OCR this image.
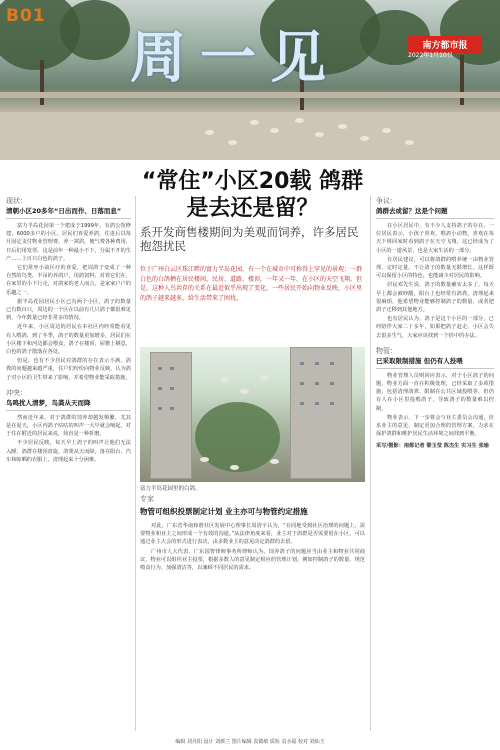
B01
周一见	南方都市报
2022年1月10日
现状：
清朝小区20多年“日出而作、日落而息”

富力半岛花园第一个建成于1999年，有鸽公馆修建，6000多户的小区。居民们喜爱养鸽，住进后以每月固定支付物业管理费，养一窝鸽，便气费各种费用，日后们用发票。这是前年一种最小不下，分属不开的生产……上百只白色的鸽子。

它们常坐小前区疗的喜爱，把周鸽子变成了一种自然的鸟类。半吊的养鸽户，用鸽饲料，对着它们在，在家里的小下行走，对鸽家的老人而言，是家家户户的乐趣之一。

据半岛花园居民小区已有两个小区，鸽子的数量已有数百只，周边的一个区在以前有几只鸽子都很难见到，今年数量已经非常多的情况。

近年来，小区周边的居民在本社区内经常能看见有人喂鸽，到了冬季，鸽子的数量更加增多，居民们在小区楼下和河边都会喂食，鸽子在楼顶、屋檐上栖息，白色的鸽子散落在各处。

但是，也有不少居民对鸽群的存在表示不满，鸽粪的问题越来越严重，住户们纷纷向物业反映，认为鸽子对小区的卫生带来了影响，并希望物业能采取措施。

冲突：
鸟鸣扰人清梦，鸟粪从天而降

然而近年来，对于鸽群的饲养却越发频繁，尤其是在夏天，小区内鸽子咕咕的叫声一大早就会响起，对于住在附近的居民来说，简直是一种折磨。

不少居民反映，每天早上鸽子的叫声让他们无法入睡，鸽群在楼顶盘旋，鸽粪从天而降，落在阳台、汽车和晾晒的衣服上，清理起来十分困难。

“常住”小区20载 鸽群是去还是留？
系开发商售楼期间为美观而饲养，许多居民抱怨扰民
位于广州白云区珠江畔的富力半岛花园，有一个在城市中可称得上罕见的景观：一群白色的白鸽栖在居民楼间，民居、道路、楼顶，一年又一年，在小区的天空飞翔。但是，这种人鸟共存的关系在最近似乎出现了变化，一些居民开始向物业反映，小区里的鸽子越来越多，给生活带来了困扰。
富力半岛花园里的白鸽。
专家
物管可组织投票制定计划 业主亦可与物管约定措施

对此，广东省华南和谐社区发展中心理事长周清宇认为，“在同地受到社区治理的问题上，需要物业和业主之间形成一个有效的沟通。”从法律角度来看，业主对于鸽群是否需要留在小区，可以通过业主大会的形式进行表决，由多数业主的意见决定鸽群的去留。

广州市人大代表、广东国智律师事务所律师认为，饲养鸽子的问题应当由业主和物业共同商议，物业可以组织业主投票，根据多数人的意见制定相应的管理计划，例如控制鸽子的数量、规范喂食行为、加强清洁等，以兼顾不同居民的需求。

争议：
鸽群去或留？这是个问题

在小区居民中，有不少人支持鸽子的存在。一位居民表示，小孩子喜欢，喂鸽小动物，喜欢在每天下班回家时看到鸽子在天空飞翔，这已经成为了小区的一道风景，也是大家生活的一部分。

有居民建议，可以将鸽群的喂养统一由物业管理，定时定量，不让鸽子的数量无限增长。这样既可以保留小区的特色，也能减少对居民的影响。

居民邓先生说，鸽子的数量确实太多了，每天早上都会被吵醒，阳台上也经常有鸽粪，清理起来很麻烦，他希望物业能够控制鸽子的数量，或者把鸽子迁移到其他地方。

也有居民认为，鸽子是这个小区的一部分，已经陪伴大家二十多年，如果把鸽子赶走，小区会失去很多生气，大家应该找到一个折中的办法。

物管：
已采取限制措施 但仍有人投喂

物业管理人员则回应表示，对于小区鸽子的问题，物业方面一直在积极处理，已经采取了多项措施，包括清理鸽粪、限制在公共区域投喂等，但仍有人在小区里投喂鸽子，导致鸽子的数量难以控制。

物业表示，下一步将会与业主委员会沟通，征求业主的意见，制定更加合理的管理方案，力求在保护鸽群和维护居民生活环境之间找到平衡。

采写/摄影：南都记者 黎玉莹 陈杰生 实习生 张瑜
编辑 刘丹阳 设计 刘颜兰 图片编辑 袁微敏 质检 袁水福 校对 刘仙玉
